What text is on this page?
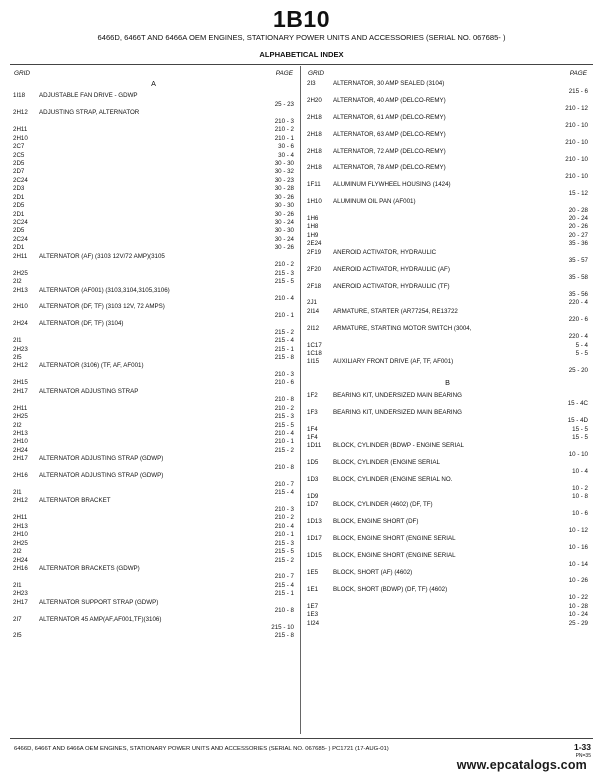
1B10
6466D, 6466T AND 6466A OEM ENGINES, STATIONARY POWER UNITS AND ACCESSORIES (SERIAL NO. 067685- )
ALPHABETICAL INDEX
GRID	PAGE
A
1I18	ADJUSTABLE FAN DRIVE - GDWP
25 - 23
2H12	ADJUSTING STRAP, ALTERNATOR
210 - 3
2H11	210 - 2
2H10	210 - 1
2C7	30 - 6
2C5	30 - 4
2D5	30 - 30
2D7	30 - 32
2C24	30 - 23
2D3	30 - 28
2D1	30 - 26
2D5	30 - 30
2D1	30 - 26
2C24	30 - 24
2D5	30 - 30
2C24	30 - 24
2D1	30 - 26
2H11	ALTERNATOR (AF) (3103 12V/72 AMP)(3105
210 - 2
2H25	215 - 3
2I2	215 - 5
2H13	ALTERNATOR (AF001) (3103,3104,3105,3106)
210 - 4
2H10	ALTERNATOR (DF, TF) (3103 12V, 72 AMPS)
210 - 1
2H24	ALTERNATOR (DF, TF) (3104)
215 - 2
2I1	215 - 4
2H23	215 - 1
2I5	215 - 8
2H12	ALTERNATOR (3106) (TF, AF, AF001)
210 - 3
2H15	210 - 6
2H17	ALTERNATOR ADJUSTING STRAP
210 - 8
2H11	210 - 2
2H25	215 - 3
2I2	215 - 5
2H13	210 - 4
2H10	210 - 1
2H24	215 - 2
2H17	ALTERNATOR ADJUSTING STRAP (GDWP)
210 - 8
2H16	ALTERNATOR ADJUSTING STRAP (GDWP)
210 - 7
2I1	215 - 4
2H12	ALTERNATOR BRACKET
210 - 3
2H11	210 - 2
2H13	210 - 4
2H10	210 - 1
2H25	215 - 3
2I2	215 - 5
2H24	215 - 2
2H16	ALTERNATOR BRACKETS (GDWP)
210 - 7
2I1	215 - 4
2H23	215 - 1
2H17	ALTERNATOR SUPPORT STRAP (GDWP)
210 - 8
2I7	ALTERNATOR 45 AMP(AF,AF001,TF)(3106)
215 - 10
2I5	215 - 8
GRID	PAGE
2I3	ALTERNATOR, 30 AMP SEALED (3104)
215 - 6
2H20	ALTERNATOR, 40 AMP (DELCO-REMY)
210 - 12
2H18	ALTERNATOR, 61 AMP (DELCO-REMY)
210 - 10
2H18	ALTERNATOR, 63 AMP (DELCO-REMY)
210 - 10
2H18	ALTERNATOR, 72 AMP (DELCO-REMY)
210 - 10
2H18	ALTERNATOR, 78 AMP (DELCO-REMY)
210 - 10
1F11	ALUMINUM FLYWHEEL HOUSING (1424)
15 - 12
1H10	ALUMINUM OIL PAN (AF001)
20 - 28
1H6	20 - 24
1H8	20 - 26
1H9	20 - 27
2E24	35 - 36
2F19	ANEROID ACTIVATOR, HYDRAULIC
35 - 57
2F20	ANEROID ACTIVATOR, HYDRAULIC (AF)
35 - 58
2F18	ANEROID ACTIVATOR, HYDRAULIC (TF)
35 - 56
2J1	220 - 4
2I14	ARMATURE, STARTER (AR77254, RE13722
220 - 6
2I12	ARMATURE, STARTING MOTOR SWITCH (3004,
220 - 4
1C17	5 - 4
1C18	5 - 5
1I15	AUXILIARY FRONT DRIVE (AF, TF, AF001)
25 - 20
B
1F2	BEARING KIT, UNDERSIZED MAIN BEARING
15 - 4C
1F3	BEARING KIT, UNDERSIZED MAIN BEARING
15 - 4D
1F4	15 - 5
1F4	15 - 5
1D11	BLOCK, CYLINDER (BDWP - ENGINE SERIAL
10 - 10
1D5	BLOCK, CYLINDER (ENGINE SERIAL
10 - 4
1D3	BLOCK, CYLINDER (ENGINE SERIAL NO.
10 - 2
1D9	10 - 8
1D7	BLOCK, CYLINDER (4602) (DF, TF)
10 - 6
1D13	BLOCK, ENGINE SHORT (DF)
10 - 12
1D17	BLOCK, ENGINE SHORT (ENGINE SERIAL
10 - 16
1D15	BLOCK, ENGINE SHORT (ENGINE SERIAL
10 - 14
1E5	BLOCK, SHORT (AF) (4602)
10 - 26
1E1	BLOCK, SHORT (BDWP) (DF, TF) (4602)
10 - 22
1E7	10 - 28
1E3	10 - 24
1I24	25 - 29
6466D, 6466T AND 6466A OEM ENGINES, STATIONARY POWER UNITS AND ACCESSORIES (SERIAL NO. 067685- ) PC1721 (17-AUG-01)	1-33
PN=35
www.epcatalogs.com
